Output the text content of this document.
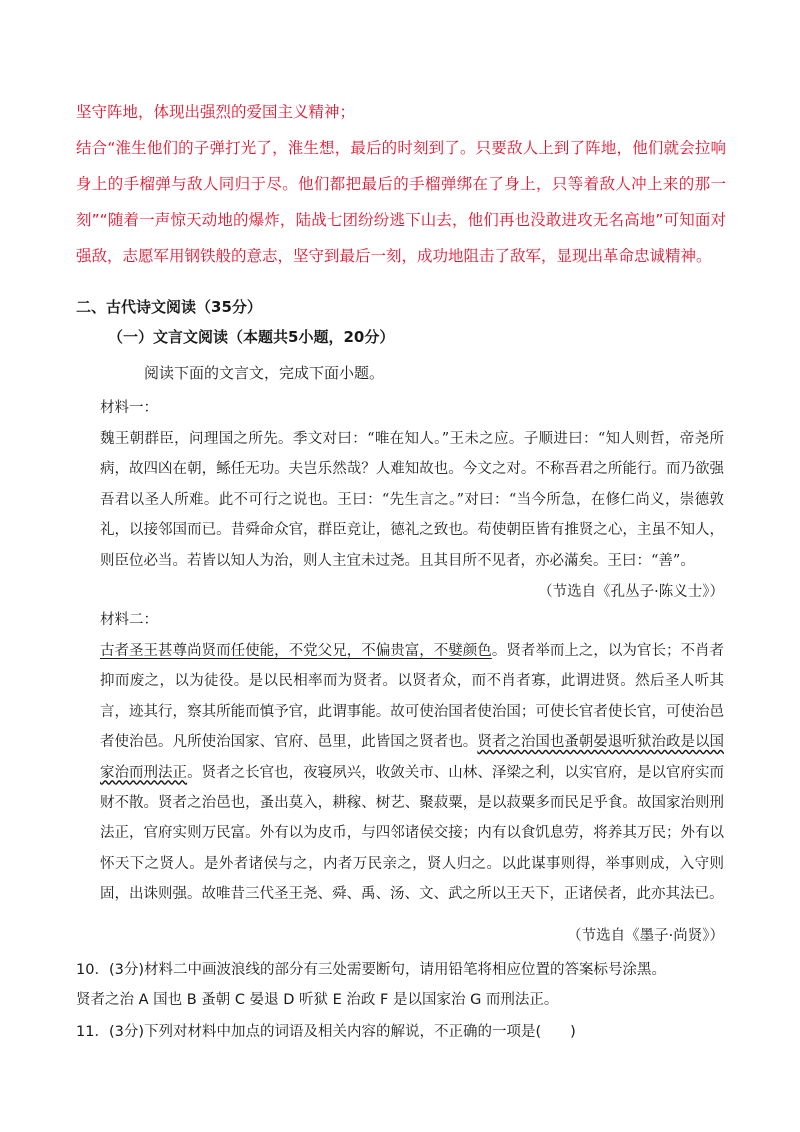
坚守阵地，体现出强烈的爱国主义精神；

结合“淮生他们的子弹打光了，淮生想，最后的时刻到了。只要敌人上到了阵地，他们就会拉响身上的手榴弹与敌人同归于尽。他们都把最后的手榴弹绑在了身上，只等着敌人冲上来的那一刻”“随着一声惊天动地的爆炸，陆战七团纷纷逃下山去，他们再也没敢进攻无名高地”可知面对强敌，志愿军用钢铁般的意志，坚守到最后一刻，成功地阻击了敌军，显现出革命忠诚精神。

二、古代诗文阅读（35分）
（一）文言文阅读（本题共5小题，20分）
阅读下面的文言文，完成下面小题。
材料一：
魏王朝群臣，问理国之所先。季文对曰：“唯在知人。”王未之应。子顺进曰：“知人则哲，帝尧所病，故四凶在朝，鲧任无功。夫岂乐然哉？人难知故也。今文之对。不称吾君之所能行。而乃欲强吾君以圣人所难。此不可行之说也。王曰：“先生言之。”对曰：“当今所急，在修仁尚义，崇德敦礼，以接邻国而已。昔舜命众官，群臣竞让，德礼之致也。苟使朝臣皆有推贤之心，主虽不知人，则臣位必当。若皆以知人为治，则人主宜未过尧。且其目所不见者，亦必滿矣。王曰：“善”。
（节选自《孔丛子·陈义士》）
材料二：
古者圣王甚尊尚贤而任使能，不党父兄，不偏贵富，不嬖颜色。贤者举而上之，以为官长；不肖者抑而废之，以为徒役。是以民相率而为贤者。以贤者众，而不肖者寡，此谓进贤。然后圣人听其言，迹其行，察其所能而慎予官，此谓事能。故可使治国者使治国；可使长官者使长官，可使治邑者使治邑。凡所使治国家、官府、邑里，此皆国之贤者也。贤者之治国也蚤朝晏退听狱治政是以国家治而刑法正。贤者之长官也，夜寝夙兴，收敛关市、山林、泽梁之利，以实官府，是以官府实而财不散。贤者之治邑也，蚤出莫入，耕稼、树艺、聚菽粟，是以菽粟多而民足乎食。故国家治则刑法正，官府实则万民富。外有以为皮币，与四邻诸侯交接；内有以食饥息劳，将养其万民；外有以怀天下之贤人。是外者诸侯与之，内者万民亲之，贤人归之。以此谋事则得，举事则成，入守则固，出诛则强。故唯昔三代圣王尧、舜、禹、汤、文、武之所以王天下，正诸侯者，此亦其法已。
（节选自《墨子·尚贤》）
10．(3分)材料二中画波浪线的部分有三处需要断句，请用铅笔将相应位置的答案标号涂黑。
贤者之治 A 国也 B 蚤朝 C 晏退 D 听狱 E 治政 F 是以国家治 G 而刑法正。
11．(3分)下列对材料中加点的词语及相关内容的解说，不正确的一项是(　　)
